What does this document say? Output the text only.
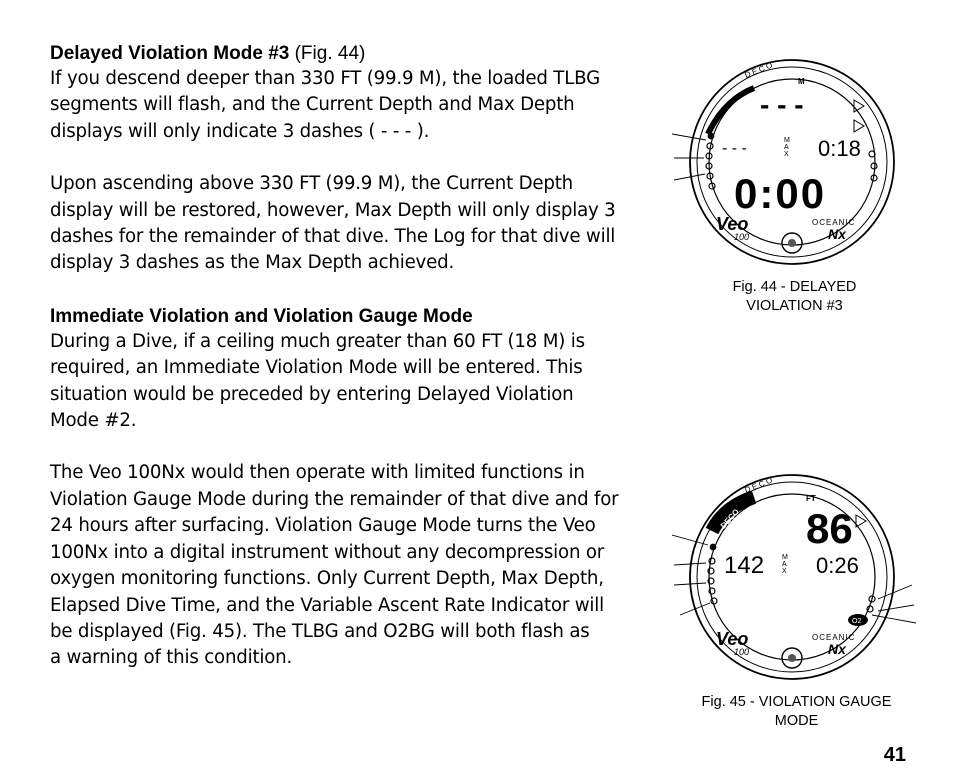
Delayed Violation Mode #3 (Fig. 44)

If you descend deeper than 330 FT (99.9 M), the loaded TLBG
segments will flash, and the Current Depth and Max Depth
displays will only indicate 3 dashes ( - - - ).

Upon ascending above 330 FT (99.9 M), the Current Depth
display will be restored, however, Max Depth will only display 3
dashes for the remainder of that dive. The Log for that dive will
display 3 dashes as the Max Depth achieved.

Immediate Violation and Violation Gauge Mode

During a Dive, if a ceiling much greater than 60 FT (18 M) is
required, an Immediate Violation Mode will be entered. This
situation would be preceded by entering Delayed Violation
Mode #2.

The Veo 100Nx would then operate with limited functions in
Violation Gauge Mode during the remainder of that dive and for
24 hours after surfacing. Violation Gauge Mode turns the Veo
100Nx into a digital instrument without any decompression or
oxygen monitoring functions. Only Current Depth, Max Depth,
Elapsed Dive Time, and the Variable Ascent Rate Indicator will
be displayed (Fig. 45). The TLBG and O2BG will both flash as
a warning of this condition.

DECO
M
- - -
- - -	M
A
X 0:18
0:00
OCEANIC
Veo
100	Nx
Fig. 44 - DELAYED
VIOLATION #3
DECO
DECO
FT
86
142	M
A
X 0:26
O2
OCEANIC
Veo
100	Nx
Fig. 45 - VIOLATION GAUGE
MODE
41
